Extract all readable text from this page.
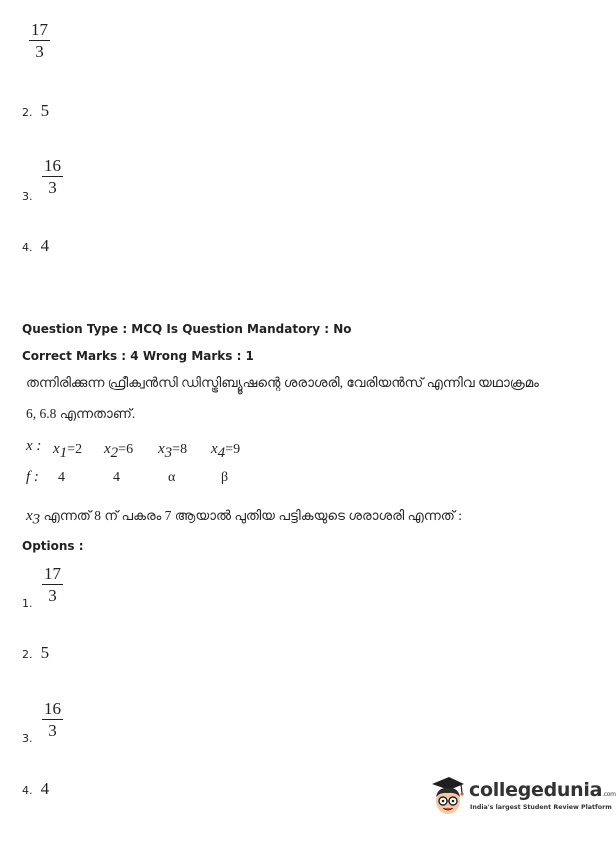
17
3
2. 5
3.
16
3
4. 4
Question Type : MCQ Is Question Mandatory : No
Correct Marks : 4 Wrong Marks : 1
തന്നിരിക്കുന്ന ഫ്രീക്വൻസി ഡിസ്ട്രിബ്യൂഷന്റെ ശരാശരി, വേരിയൻസ് എന്നിവ യഥാക്രമം
6, 6.8 എന്നതാണ്.
x : $x_1=2$ $x_2=6$ $x_3=8$ $x_4=9$
f : 4	4	α	β
$x_3$ എന്നത് 8 ന് പകരം 7 ആയാൽ പുതിയ പട്ടികയുടെ ശരാശരി എന്നത് :
Options :
1.
17
3
2. 5
3.
16
3
4. 4	collegedunia.com
India's largest Student Review Platform
